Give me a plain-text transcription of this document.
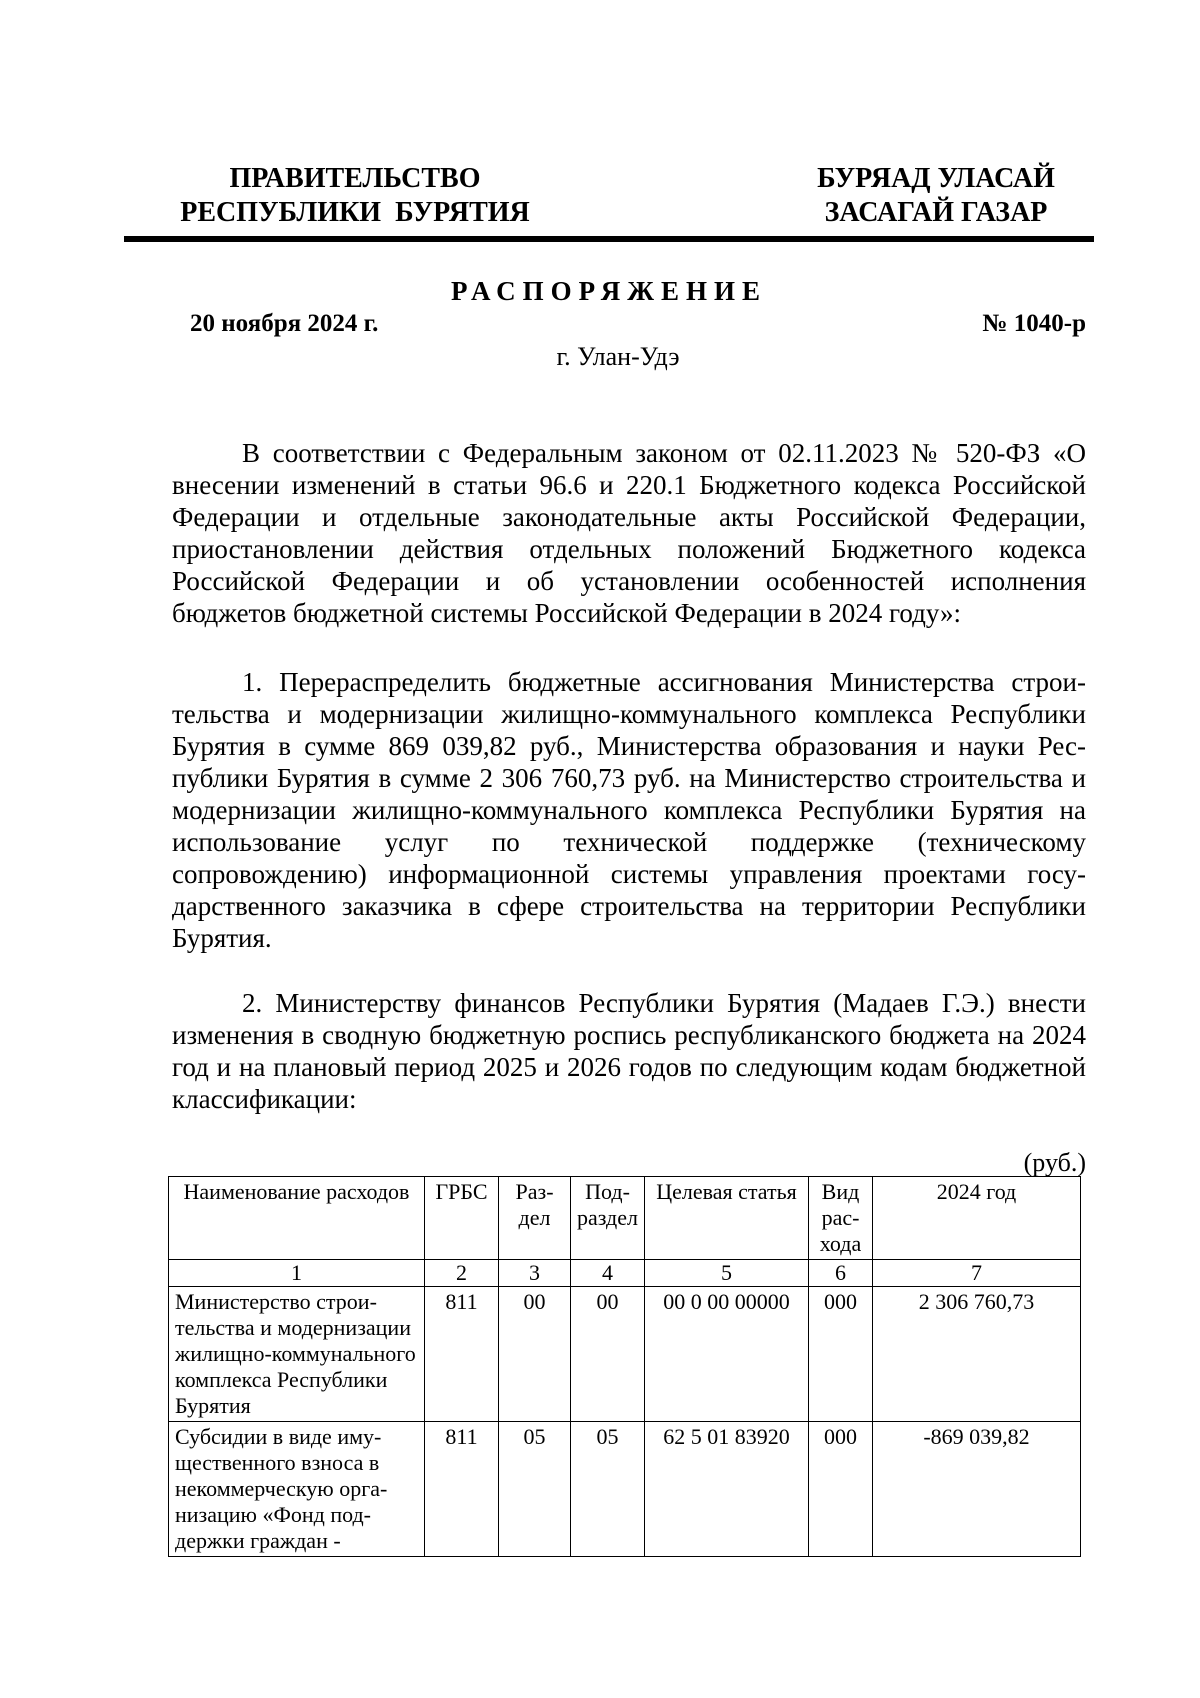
ПРАВИТЕЛЬСТВО
РЕСПУБЛИКИ  БУРЯТИЯ
БУРЯАД УЛАСАЙ
ЗАСАГАЙ ГАЗАР
РАСПОРЯЖЕНИЕ
20 ноября 2024 г.	№ 1040-р
г. Улан-Удэ

В соответствии с Федеральным законом от 02.11.2023 № 520-ФЗ «О внесении изменений в статьи 96.6 и 220.1 Бюджетного кодекса Российской Федерации и отдельные законодательные акты Российской Федерации, приостановлении действия отдельных положений Бюджетного кодекса Российской Федерации и об установлении особенностей исполнения бюджетов бюджетной системы Российской Федерации в 2024 году»:

1. Перераспределить бюджетные ассигнования Министерства строительства и модернизации жилищно-коммунального комплекса Республики Бурятия в сумме 869 039,82 руб., Министерства образования и науки Республики Бурятия в сумме 2 306 760,73 руб. на Министерство строительства и модернизации жилищно-коммунального комплекса Республики Бурятия на использование услуг по технической поддержке (техническому сопровождению) информационной системы управления проектами государственного заказчика в сфере строительства на территории Республики Бурятия.

2. Министерству финансов Республики Бурятия (Мадаев Г.Э.) внести изменения в сводную бюджетную роспись республиканского бюджета на 2024 год и на плановый период 2025 и 2026 годов по следующим кодам бюджетной классификации:

(руб.)
Наименование расходов	ГРБС	Раздел	Подраздел	Целевая статья	Вид расхода	2024 год
1	2	3	4	5	6	7
Министерство строительства и модернизации жилищно-коммунального комплекса Республики Бурятия	811	00	00	00 0 00 00000	000	2 306 760,73
Субсидии в виде имущественного взноса в некоммерческую организацию «Фонд поддержки граждан -	811	05	05	62 5 01 83920	000	-869 039,82
